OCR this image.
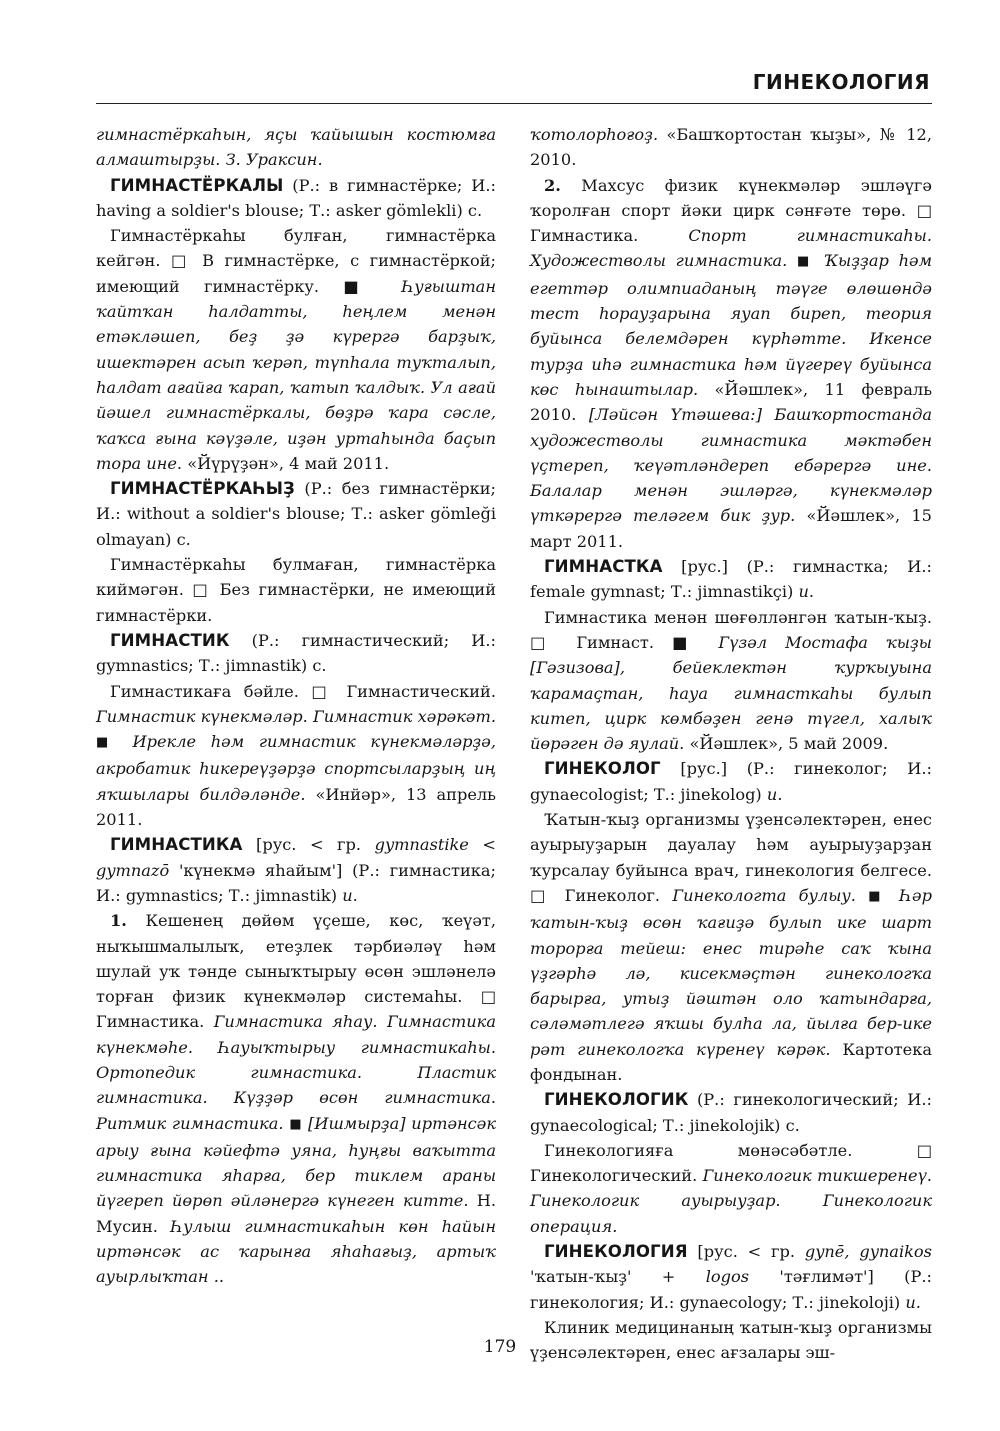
ГИНЕКОЛОГИЯ

гимнастёркаһын, яҫы ҡайышын костюмға алмаштырҙы. З. Ураксин.

ГИМНАСТЁРКАЛЫ (Р.: в гимнастёрке; И.: having a soldier's blouse; Т.: asker gömlekli) с.

Гимнастёркаһы булған, гимнастёрка кейгән. □ В гимнастёрке, с гимнастёркой; имеющий гимнастёрку. ■ Һуғыштан ҡайтҡан һалдатты, һеңлем менән етәкләшеп, беҙ ҙә күрергә барҙыҡ, ишектәрен асып ҡерәп, түпһала туҡталып, һалдат ағайға ҡарап, ҡатып ҡалдыҡ. Ул ағай йәшел гимнастёркалы, бөҙрә ҡара сәсле, ҡаҡса ғына кәүҙәле, иҙән уртаһында баҫып тора ине. «Йүрүҙән», 4 май 2011.

ГИМНАСТЁРКАҺЫҘ (Р.: без гимнастёрки; И.: without a soldier's blouse; Т.: asker gömleği olmayan) с.

Гимнастёркаһы булмаған, гимнастёрка киймәгән. □ Без гимнастёрки, не имеющий гимнастёрки.

ГИМНАСТИК (Р.: гимнастический; И.: gymnastics; Т.: jimnastik) с.

Гимнастикаға бәйле. □ Гимнастический. Гимнастик күнекмәләр. Гимнастик хәрәкәт. ■ Ирекле һәм гимнастик күнекмәләрҙә, акробатик һикереүҙәрҙә спортсыларҙың иң яҡшылары билдәләнде. «Инйәр», 13 апрель 2011.

ГИМНАСТИКА [рус. < гр. gymnastike < gymnazō 'күнекмә яһайым'] (Р.: гимнастика; И.: gymnastics; Т.: jimnastik) и.

1. Кешенең дөйөм үҫеше, көс, ҡеүәт, ныҡышмалылыҡ, етеҙлек тәрбиәләү һәм шулай уҡ тәнде сыныҡтырыу өсөн эшләнелә торған физик күнекмәләр системаһы. □ Гимнастика. Гимнастика яһау. Гимнастика күнекмәһе. Һауыҡтырыу гимнастикаһы. Ортопедик гимнастика. Пластик гимнастика. Күҙҙәр өсөн гимнастика. Ритмик гимнастика. ■ [Ишмырҙа] иртәнсәк арыу ғына кәйефтә уяна, һуңғы ваҡытта гимнастика яһарға, бер тиклем араны йүгереп йөрөп әйләнергә күнеген китте. Н. Мусин. Һулыш гимнастикаһын көн һайын иртәнсәк ас ҡарынға яһаһағыҙ, артыҡ ауырлыҡтан ..

ҡотолорһоғоҙ. «Башҡортостан ҡыҙы», № 12, 2010.

2. Махсус физик күнекмәләр эшләүгә ҡоролған спорт йәки цирк сәнғәте төрө. □ Гимнастика. Спорт гимнастикаһы. Художестволы гимнастика. ■ Ҡыҙҙар һәм егеттәр олимпиаданың тәүге өлөшөндә тест һорауҙарына яуап биреп, теория буйынса белемдәрен күрһәтте. Икенсе турҙа иһә гимнастика һәм йүгереү буйынса көс һынаштылар. «Йәшлек», 11 февраль 2010. [Ләйсән Үтәшева:] Башҡортостанда художестволы гимнастика мәктәбен үҫтереп, ҡеүәтләндереп ебәрергә ине. Балалар менән эшләргә, күнекмәләр үткәрергә теләгем бик ҙур. «Йәшлек», 15 март 2011.

ГИМНАСТКА [рус.] (Р.: гимнастка; И.: female gymnast; Т.: jimnastikçi) и.

Гимнастика менән шөғөлләнгән ҡатын-ҡыҙ. □ Гимнаст. ■ Гүзәл Мостафа ҡыҙы [Гәзизова], бейеклектән ҡурҡыуына ҡарамаҫтан, һауа гимнасткаһы булып китеп, цирк көмбәҙен генә түгел, халыҡ йөрәген дә яулай. «Йәшлек», 5 май 2009.

ГИНЕКОЛОГ [рус.] (Р.: гинеколог; И.: gynaecologist; Т.: jinekolog) и.

Ҡатын-ҡыҙ организмы үҙенсәлектәрен, енес ауырыуҙарын дауалау һәм ауырыуҙарҙан ҡурсалау буйынса врач, гинекология белгесе. □ Гинеколог. Гинекологта булыу. ■ Һәр ҡатын-ҡыҙ өсөн ҡағиҙә булып ике шарт торорға тейеш: енес тирәһе саҡ ҡына үҙгәрһә лә, кисекмәҫтән гинекологҡа барырға, утыҙ йәштән оло ҡатындарға, сәләмәтлегә яҡшы булһа ла, йылға бер-ике рәт гинекологҡа күренеү кәрәк. Картотека фондынан.

ГИНЕКОЛОГИК (Р.: гинекологический; И.: gynaecological; Т.: jinekolojik) с.

Гинекологияға мөнәсәбәтле. □ Гинекологический. Гинекологик тикшеренеү. Гинекологик ауырыуҙар. Гинекологик операция.

ГИНЕКОЛОГИЯ [рус. < гр. gynē, gynaikos 'ҡатын-ҡыҙ' + logos 'тәғлимәт'] (Р.: гинекология; И.: gynaecology; Т.: jinekoloji) и.

Клиник медицинаның ҡатын-ҡыҙ организмы үҙенсәлектәрен, енес ағзалары эш-

179
